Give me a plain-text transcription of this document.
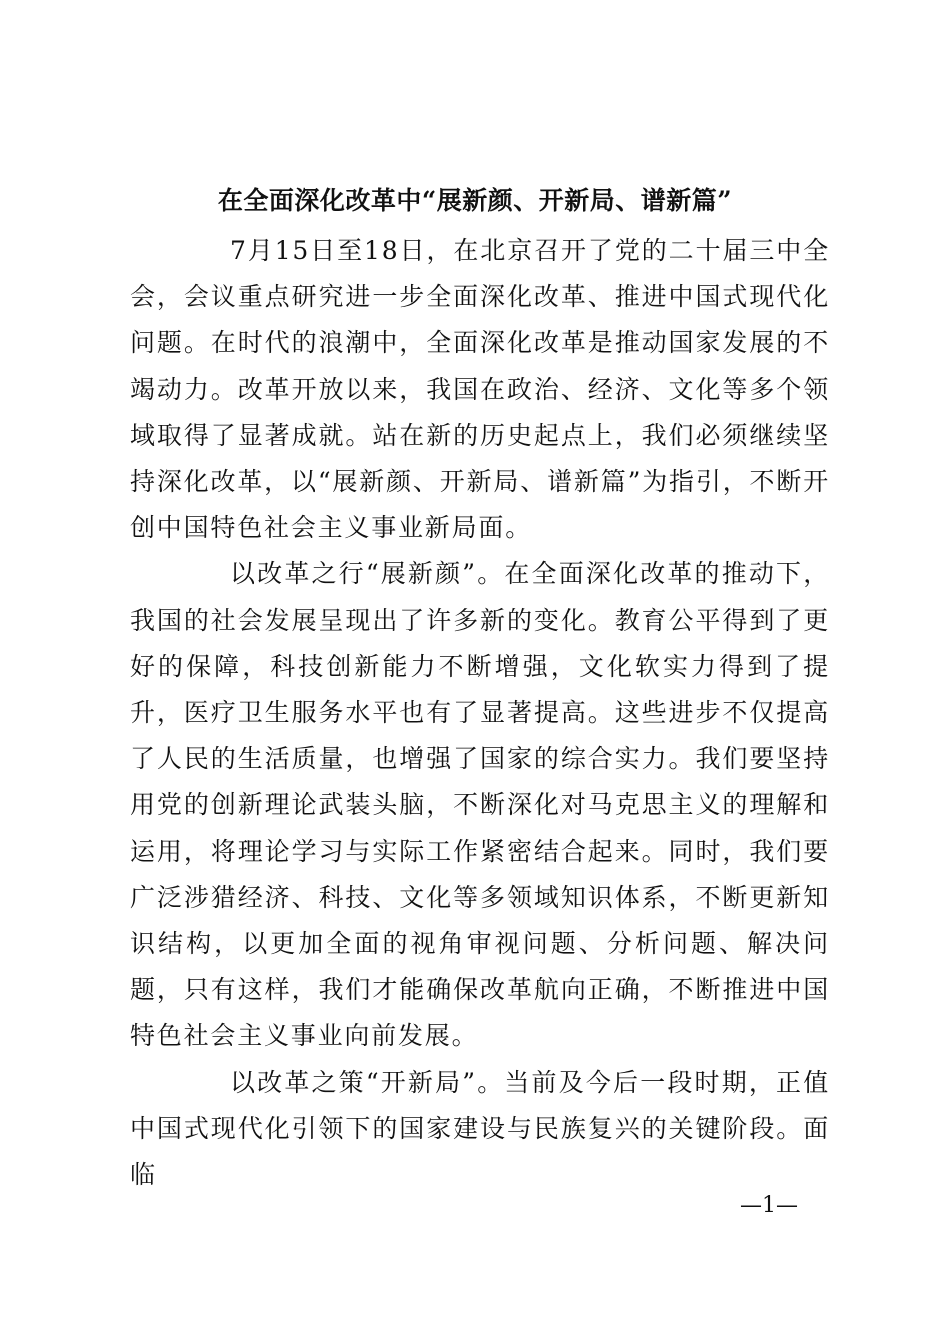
在全面深化改革中“展新颜、开新局、谱新篇”

7月15日至18日，在北京召开了党的二十届三中全会，会议重点研究进一步全面深化改革、推进中国式现代化问题。在时代的浪潮中，全面深化改革是推动国家发展的不竭动力。改革开放以来，我国在政治、经济、文化等多个领域取得了显著成就。站在新的历史起点上，我们必须继续坚持深化改革，以“展新颜、开新局、谱新篇”为指引，不断开创中国特色社会主义事业新局面。

以改革之行“展新颜”。在全面深化改革的推动下，我国的社会发展呈现出了许多新的变化。教育公平得到了更好的保障，科技创新能力不断增强，文化软实力得到了提升，医疗卫生服务水平也有了显著提高。这些进步不仅提高了人民的生活质量，也增强了国家的综合实力。我们要坚持用党的创新理论武装头脑，不断深化对马克思主义的理解和运用，将理论学习与实际工作紧密结合起来。同时，我们要广泛涉猎经济、科技、文化等多领域知识体系，不断更新知识结构，以更加全面的视角审视问题、分析问题、解决问题，只有这样，我们才能确保改革航向正确，不断推进中国特色社会主义事业向前发展。

以改革之策“开新局”。当前及今后一段时期，正值中国式现代化引领下的国家建设与民族复兴的关键阶段。面临

—1—
